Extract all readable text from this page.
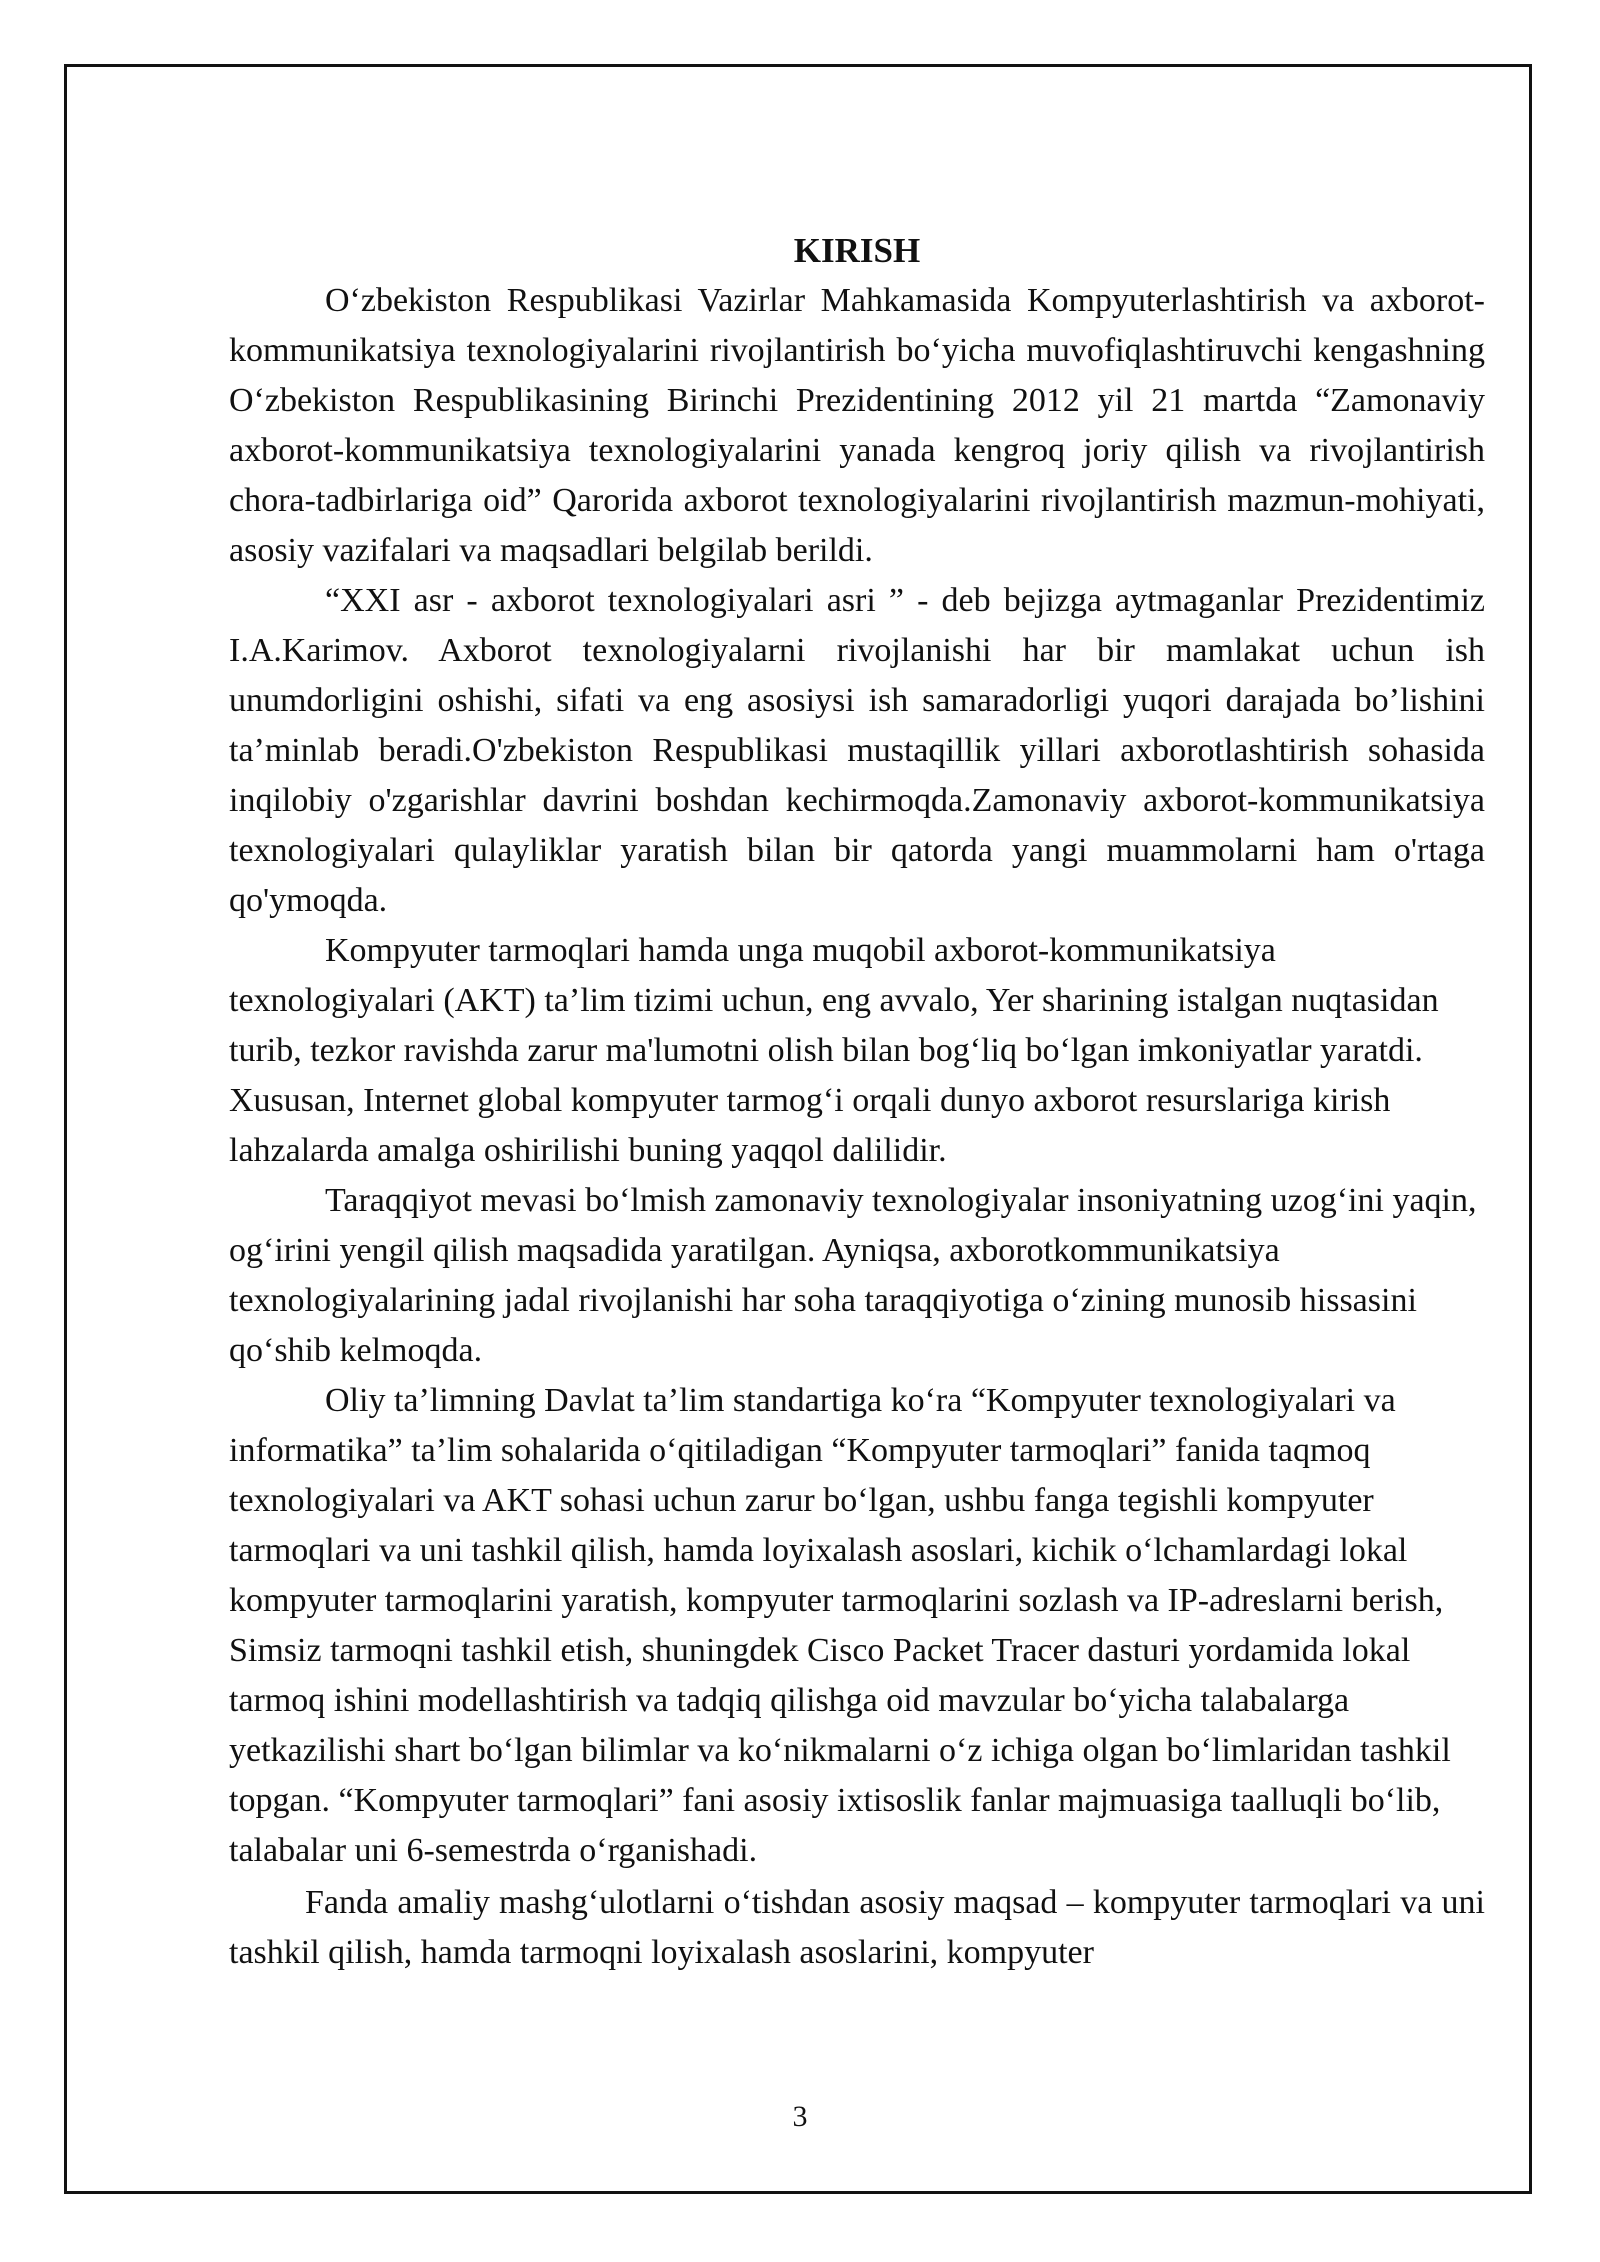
KIRISH

O‘zbekiston Respublikasi Vazirlar Mahkamasida Kompyuterlashtirish va axborot-kommunikatsiya texnologiyalarini rivojlantirish bo‘yicha muvofiqlashtiruvchi kengashning O‘zbekiston Respublikasining Birinchi Prezidentining 2012 yil 21 martda “Zamonaviy axborot-kommunikatsiya texnologiyalarini yanada kengroq joriy qilish va rivojlantirish chora-tadbirlariga oid” Qarorida axborot texnologiyalarini rivojlantirish mazmun-mohiyati, asosiy vazifalari va maqsadlari belgilab berildi.

“XXI asr - axborot texnologiyalari asri ” - deb bejizga aytmaganlar Prezidentimiz I.A.Karimov. Axborot texnologiyalarni rivojlanishi har bir mamlakat uchun ish unumdorligini oshishi, sifati va eng asosiysi ish samaradorligi yuqori darajada bo’lishini ta’minlab beradi.O'zbekiston Respublikasi mustaqillik yillari axborotlashtirish sohasida inqilobiy o'zgarishlar davrini boshdan kechirmoqda.Zamonaviy axborot-kommunikatsiya texnologiyalari qulayliklar yaratish bilan bir qatorda yangi muammolarni ham o'rtaga qo'ymoqda.

Kompyuter tarmoqlari hamda unga muqobil axborot-kommunikatsiya texnologiyalari (AKT) ta’lim tizimi uchun, eng avvalo, Yer sharining istalgan nuqtasidan turib, tezkor ravishda zarur ma'lumotni olish bilan bog‘liq bo‘lgan imkoniyatlar yaratdi. Xususan, Internet global kompyuter tarmog‘i orqali dunyo axborot resurslariga kirish lahzalarda amalga oshirilishi buning yaqqol dalilidir.

Taraqqiyot mevasi bo‘lmish zamonaviy texnologiyalar insoniyatning uzog‘ini yaqin, og‘irini yengil qilish maqsadida yaratilgan. Ayniqsa, axborotkommunikatsiya texnologiyalarining jadal rivojlanishi har soha taraqqiyotiga o‘zining munosib hissasini qo‘shib kelmoqda.

Oliy ta’limning Davlat ta’lim standartiga ko‘ra “Kompyuter texnologiyalari va informatika” ta’lim sohalarida o‘qitiladigan “Kompyuter tarmoqlari” fanida taqmoq texnologiyalari va AKT sohasi uchun zarur bo‘lgan, ushbu fanga tegishli kompyuter tarmoqlari va uni tashkil qilish, hamda loyixalash asoslari, kichik o‘lchamlardagi lokal kompyuter tarmoqlarini yaratish, kompyuter tarmoqlarini sozlash va IP-adreslarni berish, Simsiz tarmoqni tashkil etish, shuningdek Cisco Packet Tracer dasturi yordamida lokal tarmoq ishini modellashtirish va tadqiq qilishga oid mavzular bo‘yicha talabalarga yetkazilishi shart bo‘lgan bilimlar va ko‘nikmalarni o‘z ichiga olgan bo‘limlaridan tashkil topgan. “Kompyuter tarmoqlari” fani asosiy ixtisoslik fanlar majmuasiga taalluqli bo‘lib, talabalar uni 6-semestrda o‘rganishadi.

Fanda amaliy mashg‘ulotlarni o‘tishdan asosiy maqsad – kompyuter tarmoqlari va uni tashkil qilish, hamda tarmoqni loyixalash asoslarini, kompyuter

3
